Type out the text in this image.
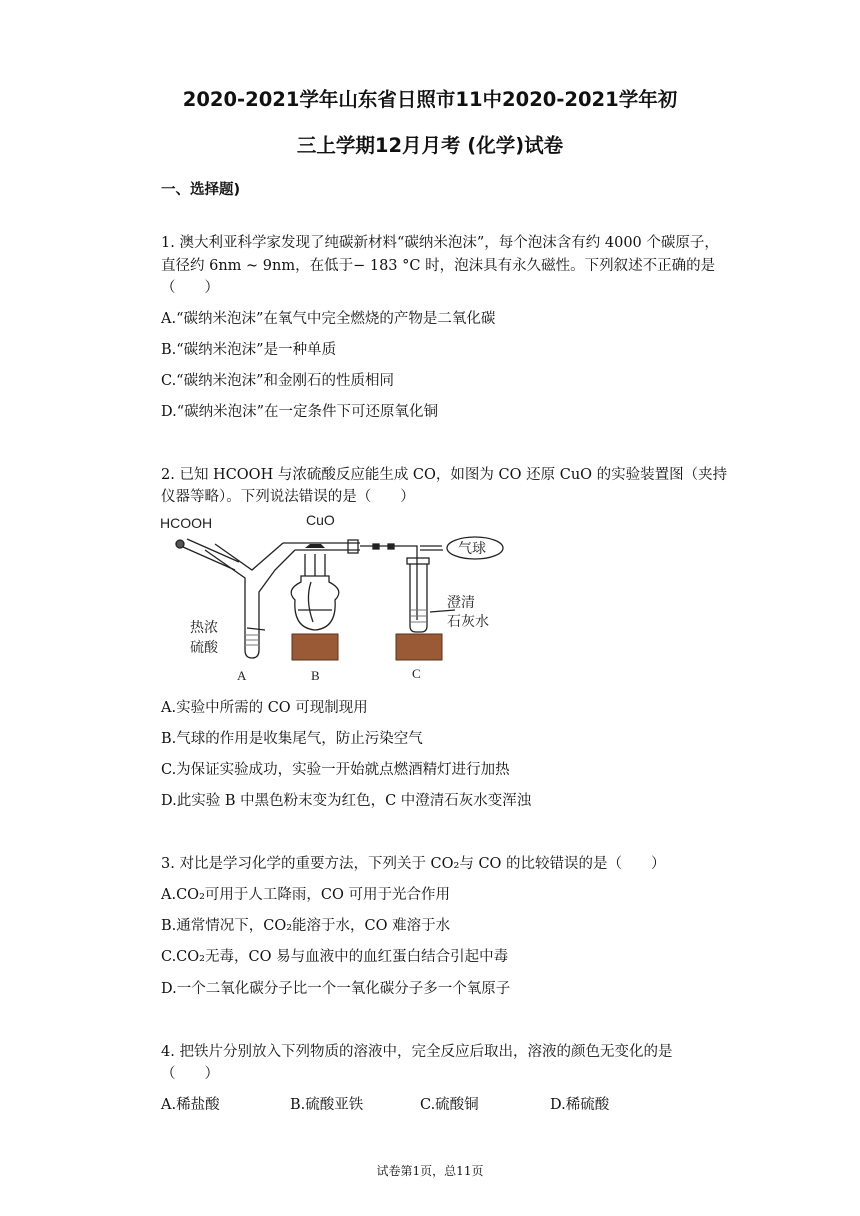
2020-2021学年山东省日照市11中2020-2021学年初
三上学期12月月考 (化学)试卷
一、选择题)
1. 澳大利亚科学家发现了纯碳新材料“碳纳米泡沫”，每个泡沫含有约 4000 个碳原子，
直径约 6nm ~ 9nm，在低于− 183 °C 时，泡沫具有永久磁性。下列叙述不正确的是
（　　）
A.“碳纳米泡沫”在氧气中完全燃烧的产物是二氧化碳
B.“碳纳米泡沫”是一种单质
C.“碳纳米泡沫”和金刚石的性质相同
D.“碳纳米泡沫”在一定条件下可还原氧化铜
2. 已知 HCOOH 与浓硫酸反应能生成 CO，如图为 CO 还原 CuO 的实验装置图（夹持
仪器等略）。下列说法错误的是（　　）
HCOOH	CuO
气球
热浓
硫酸
澄清
石灰水
A	B	C
A.实验中所需的 CO 可现制现用
B.气球的作用是收集尾气，防止污染空气
C.为保证实验成功，实验一开始就点燃酒精灯进行加热
D.此实验 B 中黑色粉末变为红色，C 中澄清石灰水变浑浊
3. 对比是学习化学的重要方法，下列关于 CO₂与 CO 的比较错误的是（　　）
A.CO₂可用于人工降雨，CO 可用于光合作用
B.通常情况下，CO₂能溶于水，CO 难溶于水
C.CO₂无毒，CO 易与血液中的血红蛋白结合引起中毒
D.一个二氧化碳分子比一个一氧化碳分子多一个氧原子
4. 把铁片分别放入下列物质的溶液中，完全反应后取出，溶液的颜色无变化的是
（　　）
A.稀盐酸	B.硫酸亚铁	C.硫酸铜	D.稀硫酸
试卷第1页，总11页
